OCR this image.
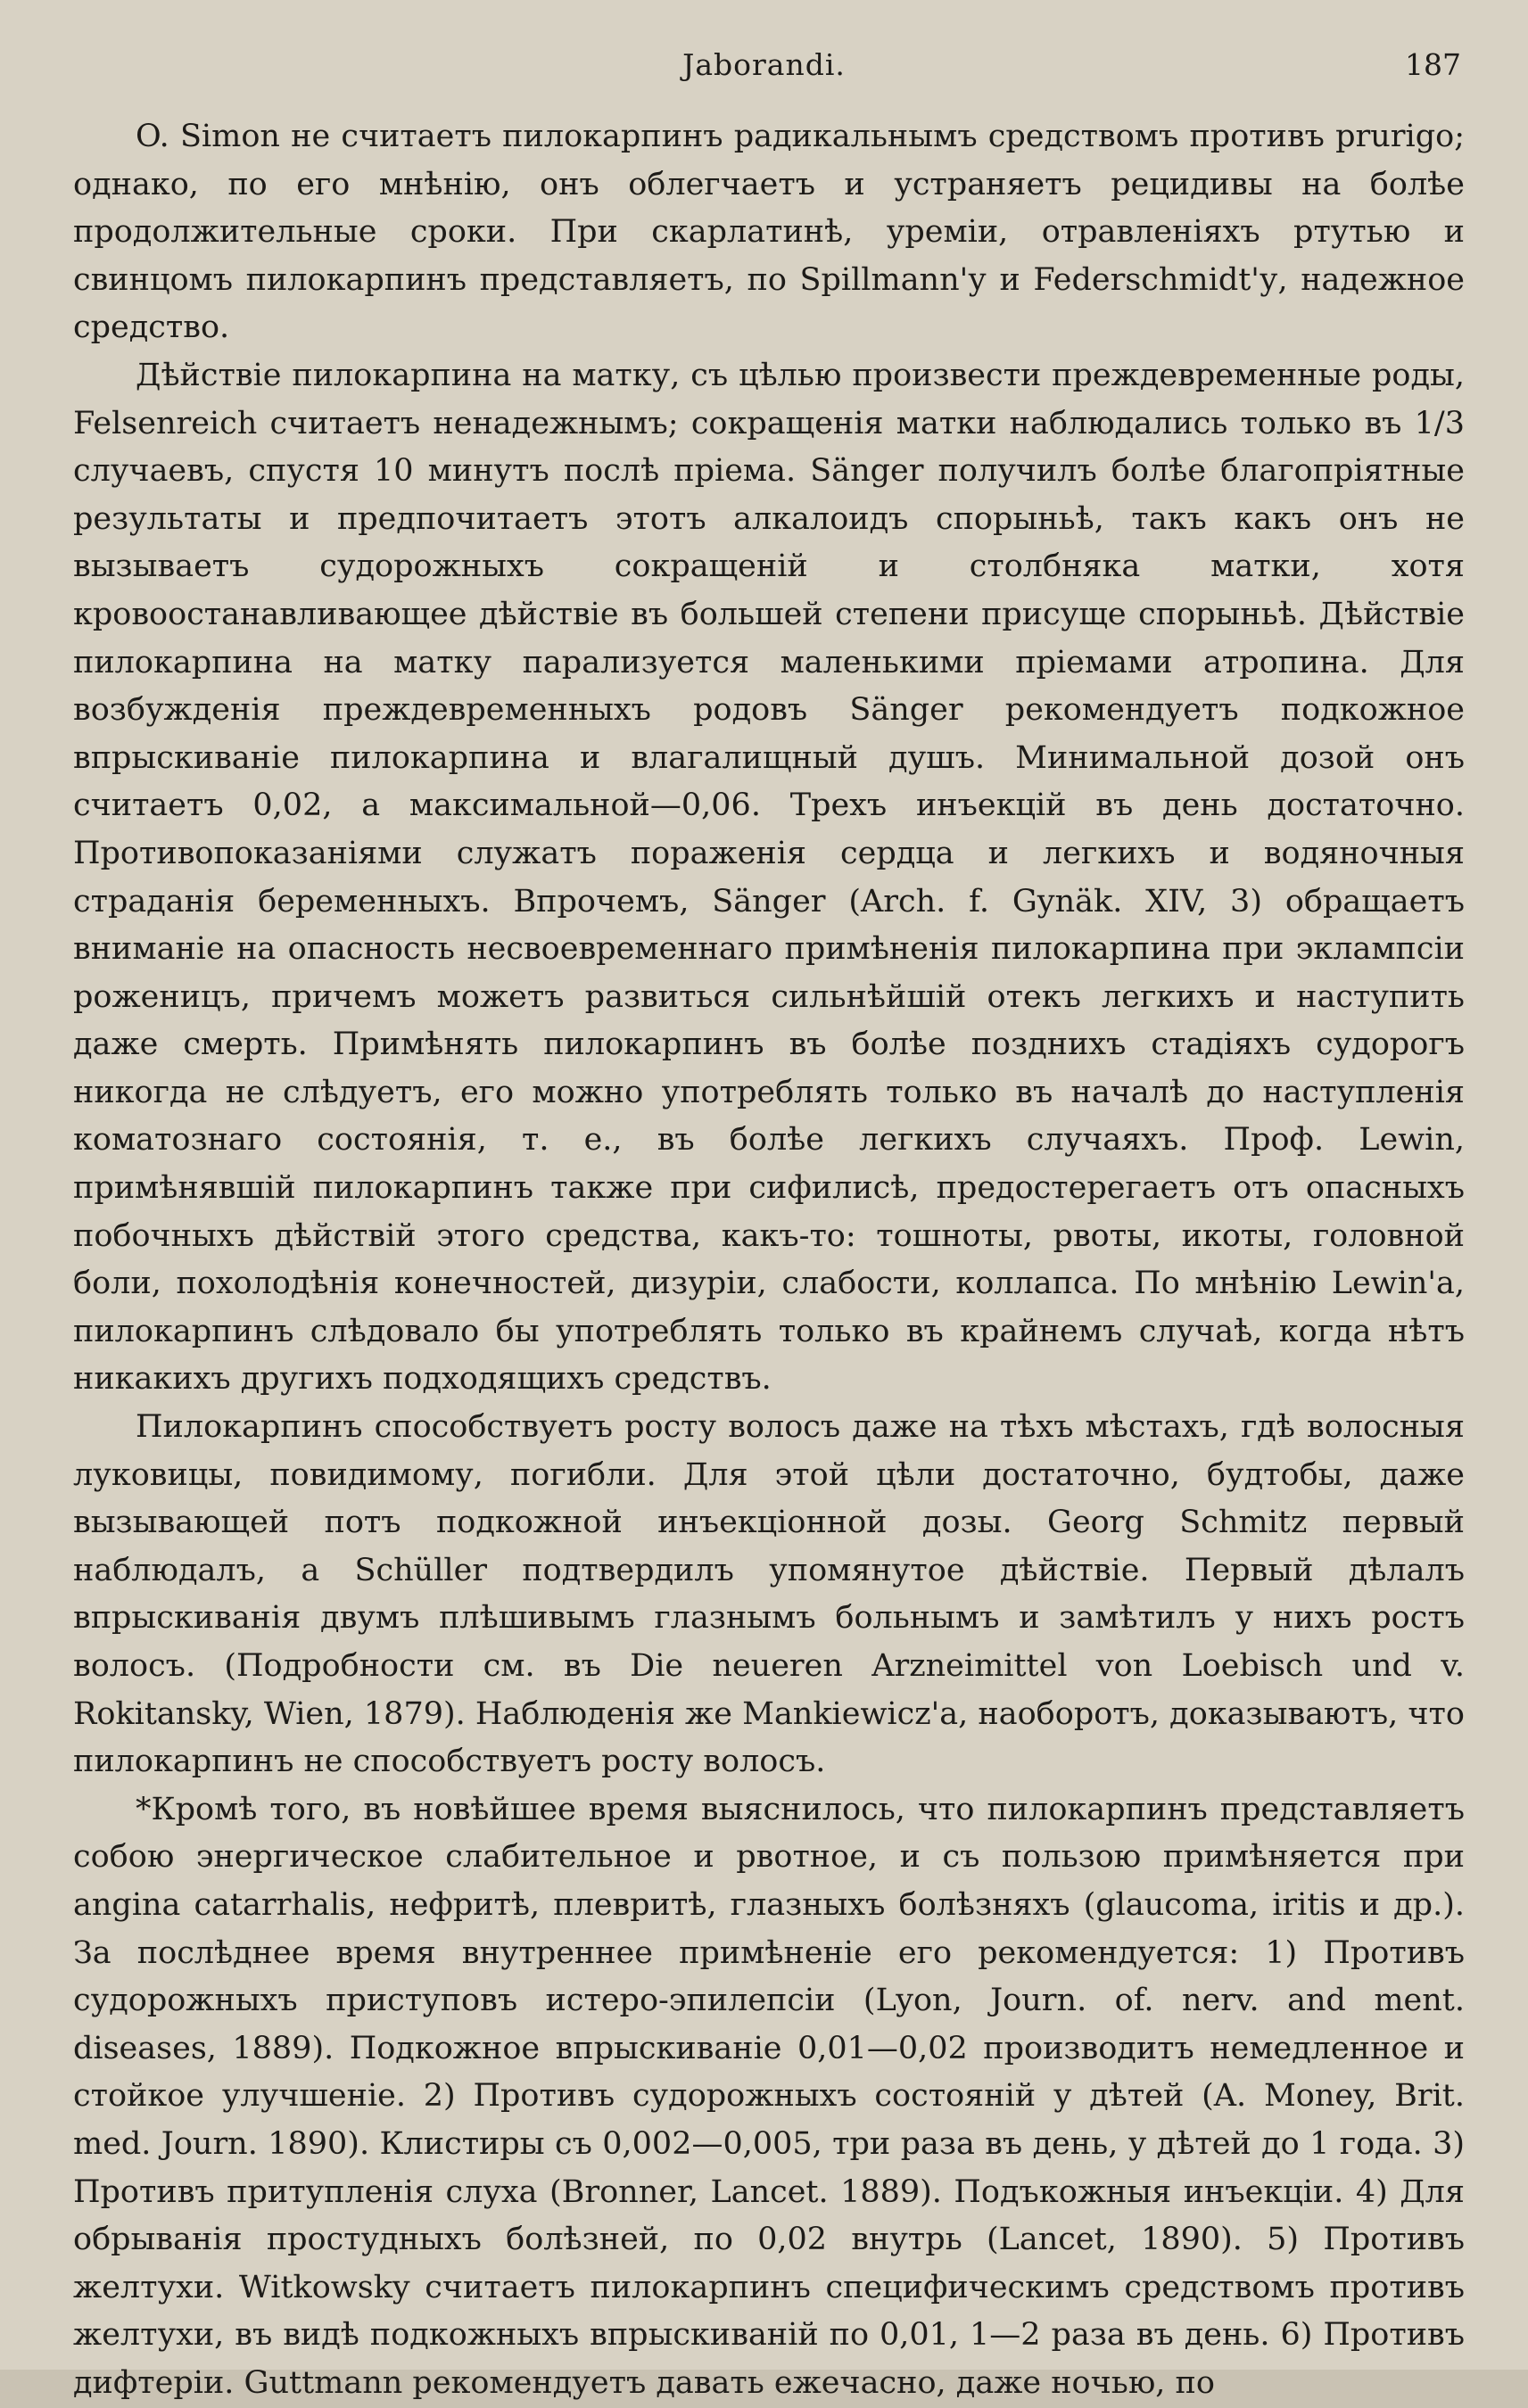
Jaborandi.	187

O. Simon не считаетъ пилокарпинъ радикальнымъ средствомъ противъ prurigo; однако, по его мнѣнію, онъ облегчаетъ и устраняетъ рецидивы на болѣе продолжительные сроки. При скарлатинѣ, уреміи, отравленіяхъ ртутью и свинцомъ пилокарпинъ представляетъ, по Spillmann'у и Federschmidt'у, надежное средство.

Дѣйствіе пилокарпина на матку, съ цѣлью произвести преждевременные роды, Felsenreich считаетъ ненадежнымъ; сокращенія матки наблюдались только въ 1/3 случаевъ, спустя 10 минутъ послѣ пріема. Sänger получилъ болѣе благопріятные результаты и предпочитаетъ этотъ алкалоидъ спорыньѣ, такъ какъ онъ не вызываетъ судорожныхъ сокращеній и столбняка матки, хотя кровоостанавливающее дѣйствіе въ большей степени присуще спорыньѣ. Дѣйствіе пилокарпина на матку парализуется маленькими пріемами атропина. Для возбужденія преждевременныхъ родовъ Sänger рекомендуетъ подкожное впрыскиваніе пилокарпина и влагалищный душъ. Минимальной дозой онъ считаетъ 0,02, а максимальной—0,06. Трехъ инъекцій въ день достаточно. Противопоказаніями служатъ пораженія сердца и легкихъ и водяночныя страданія беременныхъ. Впрочемъ, Sänger (Arch. f. Gynäk. XIV, 3) обращаетъ вниманіе на опасность несвоевременнаго примѣненія пилокарпина при эклампсіи рожeницъ, причемъ можетъ развиться сильнѣйшій отекъ легкихъ и наступить даже смерть. Примѣнять пилокарпинъ въ болѣе позднихъ стадіяхъ судорогъ никогда не слѣдуетъ, его можно употреблять только въ началѣ до наступленія коматознаго состоянія, т. е., въ болѣе легкихъ случаяхъ. Проф. Lewin, примѣнявшій пилокарпинъ также при сифилисѣ, предостерегаетъ отъ опасныхъ побочныхъ дѣйствій этого средства, какъ-то: тошноты, рвоты, икоты, головной боли, похолодѣнія конечностей, дизуріи, слабости, коллапса. По мнѣнію Lewin'a, пилокарпинъ слѣдовало бы употреблять только въ крайнемъ случаѣ, когда нѣтъ никакихъ другихъ подходящихъ средствъ.

Пилокарпинъ способствуетъ росту волосъ даже на тѣхъ мѣстахъ, гдѣ волосныя луковицы, повидимому, погибли. Для этой цѣли достаточно, будтобы, даже вызывающей потъ подкожной инъекціонной дозы. Georg Schmitz первый наблюдалъ, а Schüller подтвердилъ упомянутое дѣйствіе. Первый дѣлалъ впрыскиванія двумъ плѣшивымъ глазнымъ больнымъ и замѣтилъ у нихъ ростъ волосъ. (Подробности см. въ Die neueren Arzneimittel von Loebisch und v. Rokitansky, Wien, 1879). Наблюденія же Mankiewicz'a, наоборотъ, доказываютъ, что пилокарпинъ не способствуетъ росту волосъ.

*Кромѣ того, въ новѣйшее время выяснилось, что пилокарпинъ представляетъ собою энергическое слабительное и рвотное, и съ пользою примѣняется при angina catarrhalis, нефритѣ, плевритѣ, глазныхъ болѣзняхъ (glaucoma, iritis и др.). За послѣднее время внутреннее примѣненіе его рекомендуется: 1) Противъ судорожныхъ приступовъ истеро-эпилепсіи (Lyon, Journ. of. nerv. and ment. diseases, 1889). Подкожное впрыскиваніе 0,01—0,02 производитъ немедленное и стойкое улучшеніе. 2) Противъ судорожныхъ состояній у дѣтей (A. Money, Brit. med. Journ. 1890). Клистиры съ 0,002—0,005, три раза въ день, у дѣтей до 1 года. 3) Противъ притупленія слуха (Bronner, Lancet. 1889). Подъкожныя инъекціи. 4) Для обрыванія простудныхъ болѣзней, по 0,02 внутрь (Lancet, 1890). 5) Противъ желтухи. Witkowsky считаетъ пилокарпинъ специфическимъ средствомъ противъ желтухи, въ видѣ подкожныхъ впрыскиваній по 0,01, 1—2 раза въ день. 6) Противъ дифтеріи. Guttmann рекомендуетъ давать ежечасно, даже ночью, по
